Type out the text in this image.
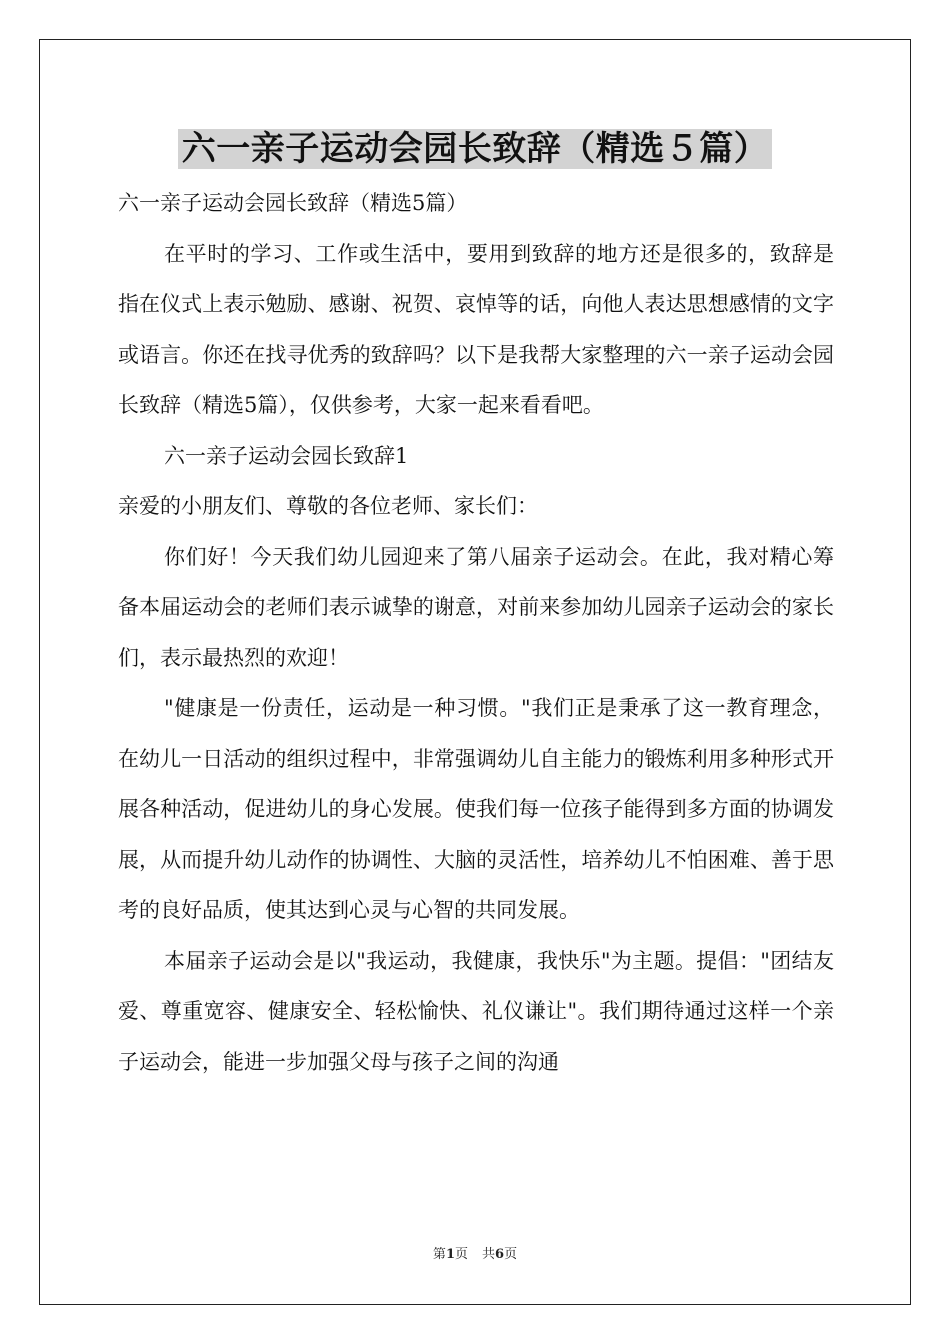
六一亲子运动会园长致辞（精选５篇）

六一亲子运动会园长致辞（精选5篇）

在平时的学习、工作或生活中，要用到致辞的地方还是很多的，致辞是指在仪式上表示勉励、感谢、祝贺、哀悼等的话，向他人表达思想感情的文字或语言。你还在找寻优秀的致辞吗？以下是我帮大家整理的六一亲子运动会园长致辞（精选5篇），仅供参考，大家一起来看看吧。

六一亲子运动会园长致辞1

亲爱的小朋友们、尊敬的各位老师、家长们：

你们好！今天我们幼儿园迎来了第八届亲子运动会。在此，我对精心筹备本届运动会的老师们表示诚挚的谢意，对前来参加幼儿园亲子运动会的家长们，表示最热烈的欢迎！

"健康是一份责任，运动是一种习惯。"我们正是秉承了这一教育理念，在幼儿一日活动的组织过程中，非常强调幼儿自主能力的锻炼利用多种形式开展各种活动，促进幼儿的身心发展。使我们每一位孩子能得到多方面的协调发展，从而提升幼儿动作的协调性、大脑的灵活性，培养幼儿不怕困难、善于思考的良好品质，使其达到心灵与心智的共同发展。

本届亲子运动会是以"我运动，我健康，我快乐"为主题。提倡："团结友爱、尊重宽容、健康安全、轻松愉快、礼仪谦让"。我们期待通过这样一个亲子运动会，能进一步加强父母与孩子之间的沟通

第1页 共6页
